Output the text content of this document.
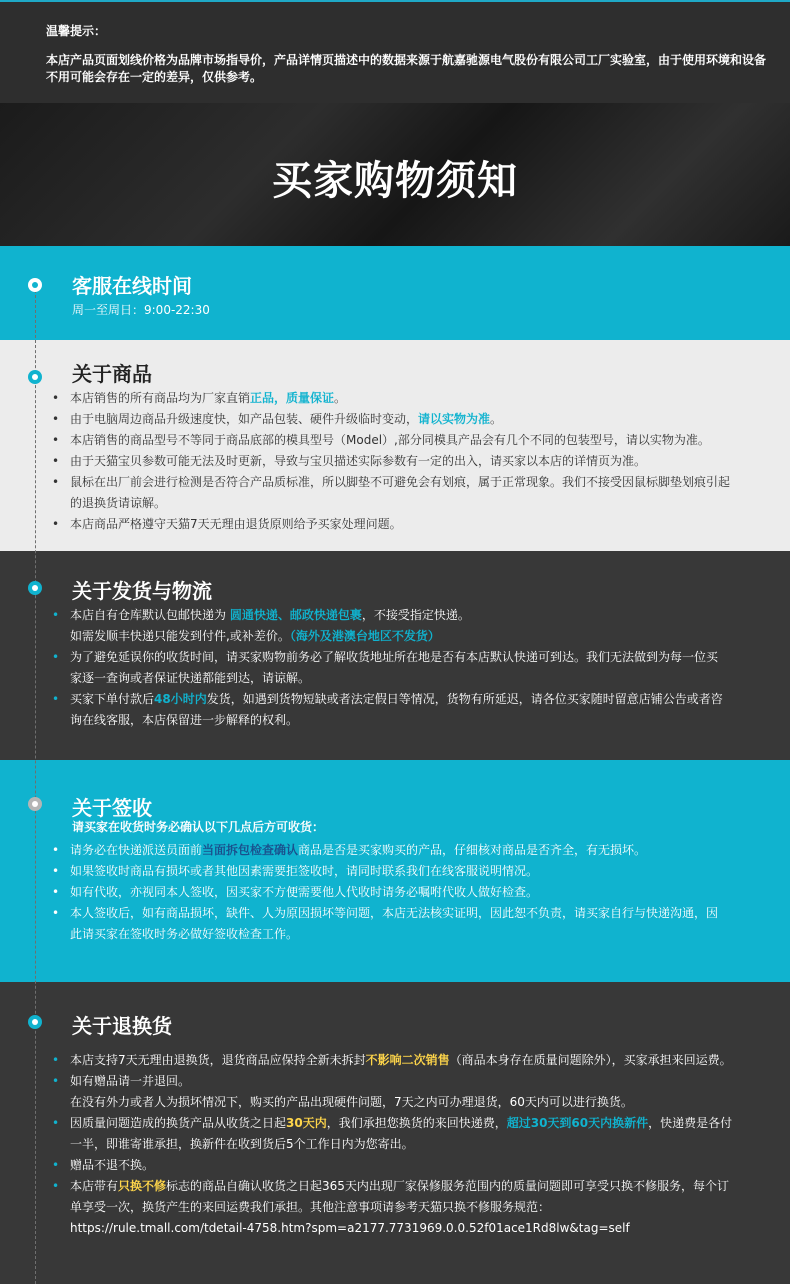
温馨提示：
本店产品页面划线价格为品牌市场指导价，产品详情页描述中的数据来源于航嘉驰源电气股份有限公司工厂实验室，由于使用环境和设备不用可能会存在一定的差异，仅供参考。
买家购物须知
客服在线时间
周一至周日：9:00-22:30
关于商品
• 本店销售的所有商品均为厂家直销正品，质量保证。
• 由于电脑周边商品升级速度快，如产品包装、硬件升级临时变动，请以实物为准。
• 本店销售的商品型号不等同于商品底部的模具型号（Model）,部分同模具产品会有几个不同的包装型号，请以实物为准。
• 由于天猫宝贝参数可能无法及时更新，导致与宝贝描述实际参数有一定的出入，请买家以本店的详情页为准。
• 鼠标在出厂前会进行检测是否符合产品质标准，所以脚垫不可避免会有划痕，属于正常现象。我们不接受因鼠标脚垫划痕引起
的退换货请谅解。
• 本店商品严格遵守天猫7天无理由退货原则给予买家处理问题。
关于发货与物流
• 本店自有仓库默认包邮快递为 圆通快递、邮政快递包裹，不接受指定快递。
如需发顺丰快递只能发到付件,或补差价。（海外及港澳台地区不发货）
• 为了避免延误你的收货时间，请买家购物前务必了解收货地址所在地是否有本店默认快递可到达。我们无法做到为每一位买
家逐一查询或者保证快递都能到达，请谅解。
• 买家下单付款后48小时内发货，如遇到货物短缺或者法定假日等情况，货物有所延迟，请各位买家随时留意店铺公告或者咨
询在线客服，本店保留进一步解释的权利。
关于签收
请买家在收货时务必确认以下几点后方可收货：
• 请务必在快递派送员面前当面拆包检查确认商品是否是买家购买的产品，仔细核对商品是否齐全，有无损坏。
• 如果签收时商品有损坏或者其他因素需要拒签收时，请同时联系我们在线客服说明情况。
• 如有代收，亦视同本人签收，因买家不方便需要他人代收时请务必嘱咐代收人做好检查。
• 本人签收后，如有商品损坏，缺件、人为原因损坏等问题，本店无法核实证明，因此恕不负责，请买家自行与快递沟通，因
此请买家在签收时务必做好签收检查工作。
关于退换货
• 本店支持7天无理由退换货，退货商品应保持全新未拆封不影响二次销售（商品本身存在质量问题除外），买家承担来回运费。
• 如有赠品请一并退回。
在没有外力或者人为损坏情况下，购买的产品出现硬件问题，7天之内可办理退货，60天内可以进行换货。
• 因质量问题造成的换货产品从收货之日起30天内，我们承担您换货的来回快递费，超过30天到60天内换新件，快递费是各付
一半，即谁寄谁承担，换新件在收到货后5个工作日内为您寄出。
• 赠品不退不换。
• 本店带有只换不修标志的商品自确认收货之日起365天内出现厂家保修服务范围内的质量问题即可享受只换不修服务，每个订
单享受一次，换货产生的来回运费我们承担。其他注意事项请参考天猫只换不修服务规范：
https://rule.tmall.com/tdetail-4758.htm?spm=a2177.7731969.0.0.52f01ace1Rd8lw&tag=self
